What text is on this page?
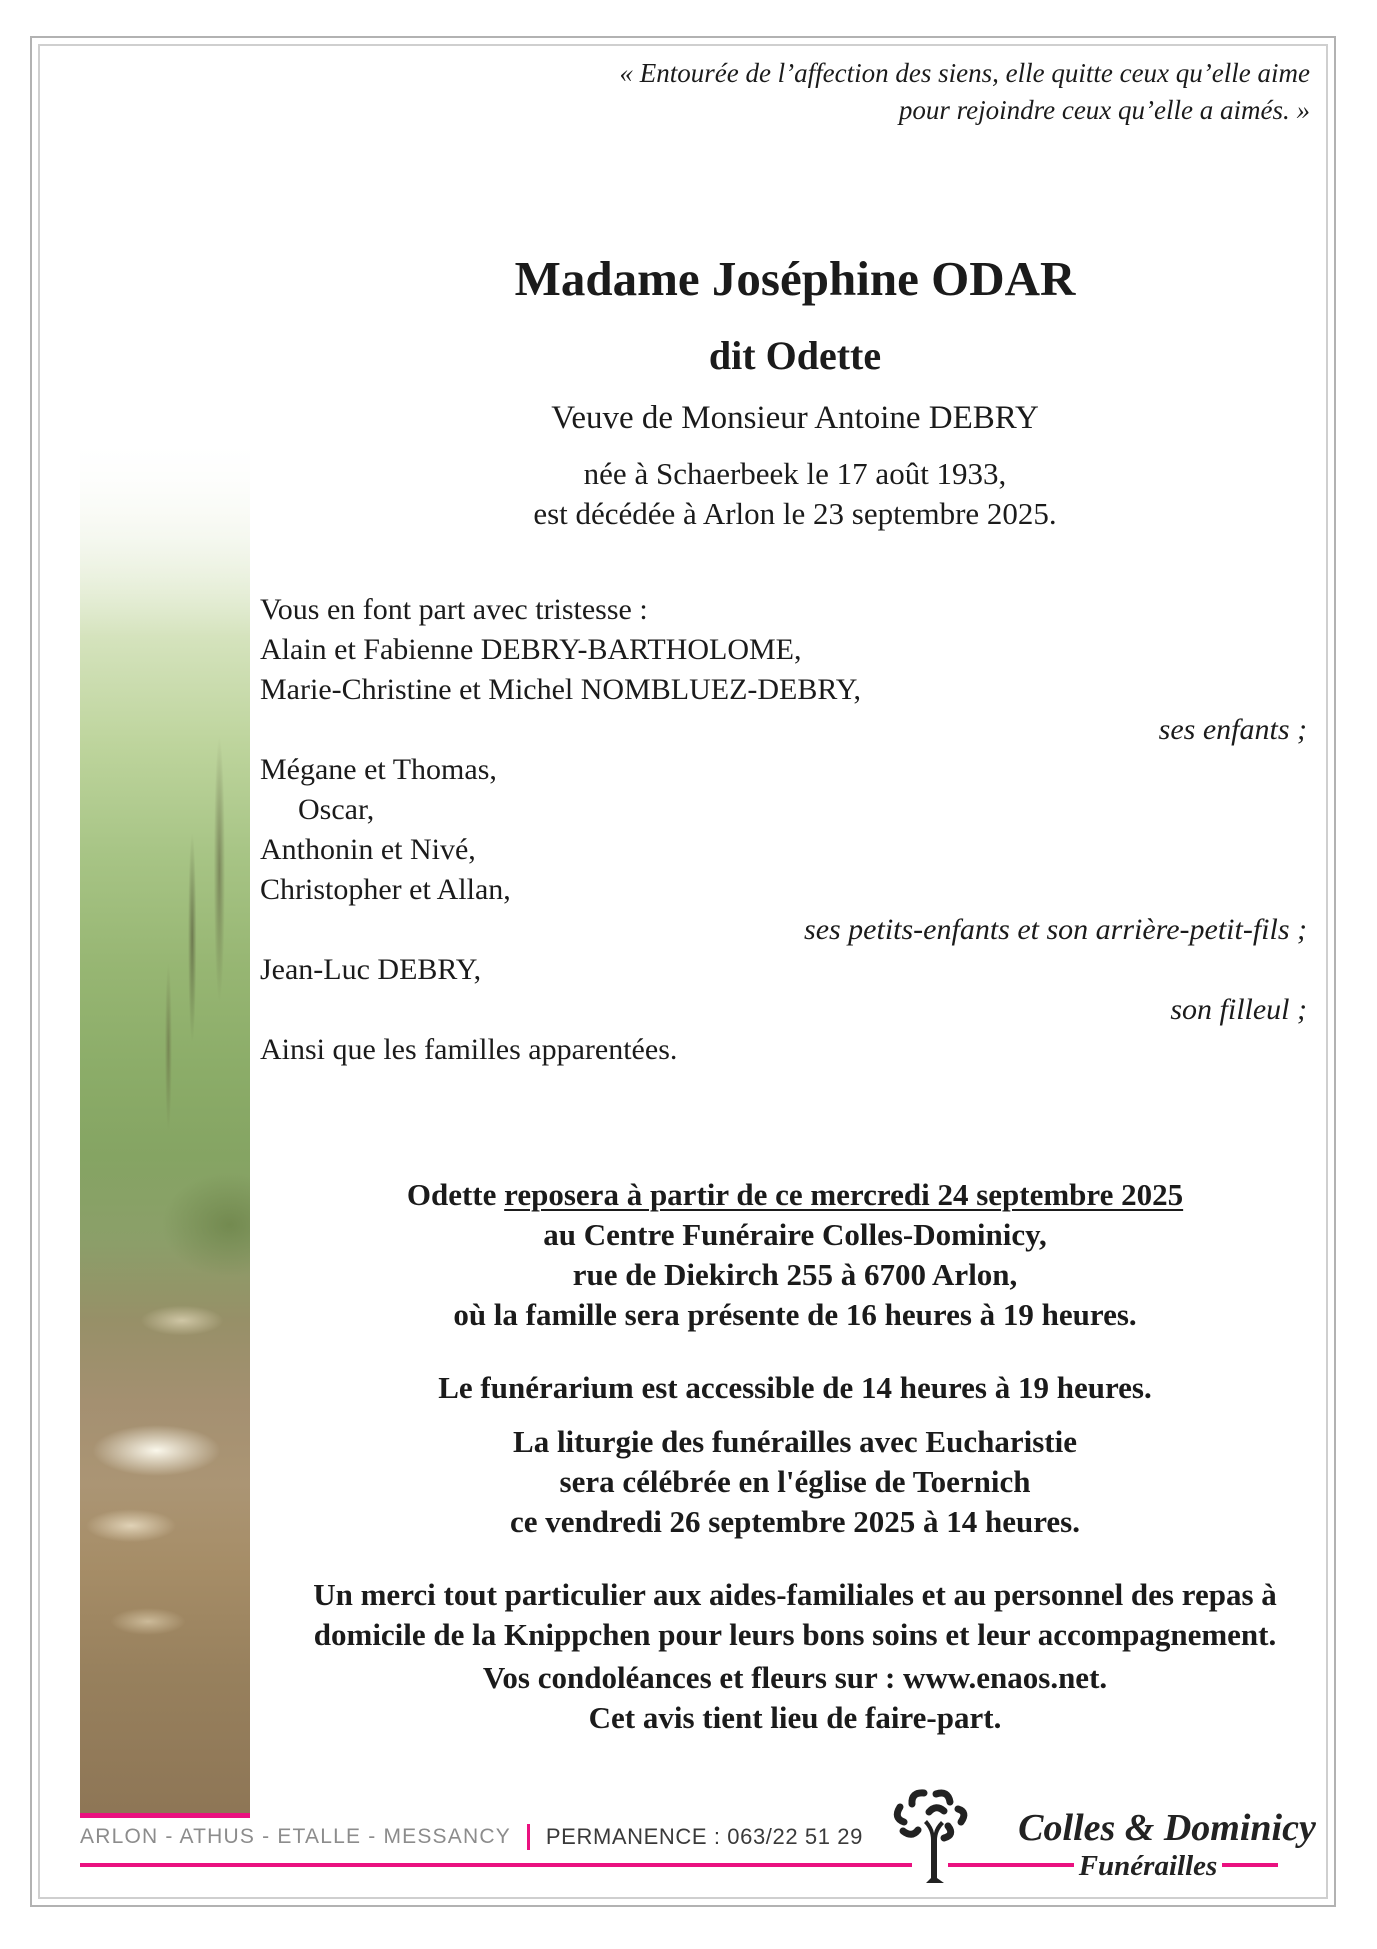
« Entourée de l’affection des siens, elle quitte ceux qu’elle aime
pour rejoindre ceux qu’elle a aimés. »
Madame Joséphine ODAR
dit Odette
Veuve de Monsieur Antoine DEBRY
née à Schaerbeek le 17 août 1933,
est décédée à Arlon le 23 septembre 2025.
Vous en font part avec tristesse :
Alain et Fabienne DEBRY-BARTHOLOME,
Marie-Christine et Michel NOMBLUEZ-DEBRY,
ses enfants ;
Mégane et Thomas,
Oscar,
Anthonin et Nivé,
Christopher et Allan,
ses petits-enfants et son arrière-petit-fils ;
Jean-Luc DEBRY,
son filleul ;
Ainsi que les familles apparentées.
Odette reposera à partir de ce mercredi 24 septembre 2025
au Centre Funéraire Colles-Dominicy,
rue de Diekirch 255 à 6700 Arlon,
où la famille sera présente de 16 heures à 19 heures.
Le funérarium est accessible de 14 heures à 19 heures.
La liturgie des funérailles avec Eucharistie
sera célébrée en l'église de Toernich
ce vendredi 26 septembre 2025 à 14 heures.
Un merci tout particulier aux aides-familiales et au personnel des repas à
domicile de la Knippchen pour leurs bons soins et leur accompagnement.
Vos condoléances et fleurs sur : www.enaos.net.
Cet avis tient lieu de faire-part.
ARLON - ATHUS - ETALLE - MESSANCY PERMANENCE : 063/22 51 29	Colles & Dominicy
Funérailles
